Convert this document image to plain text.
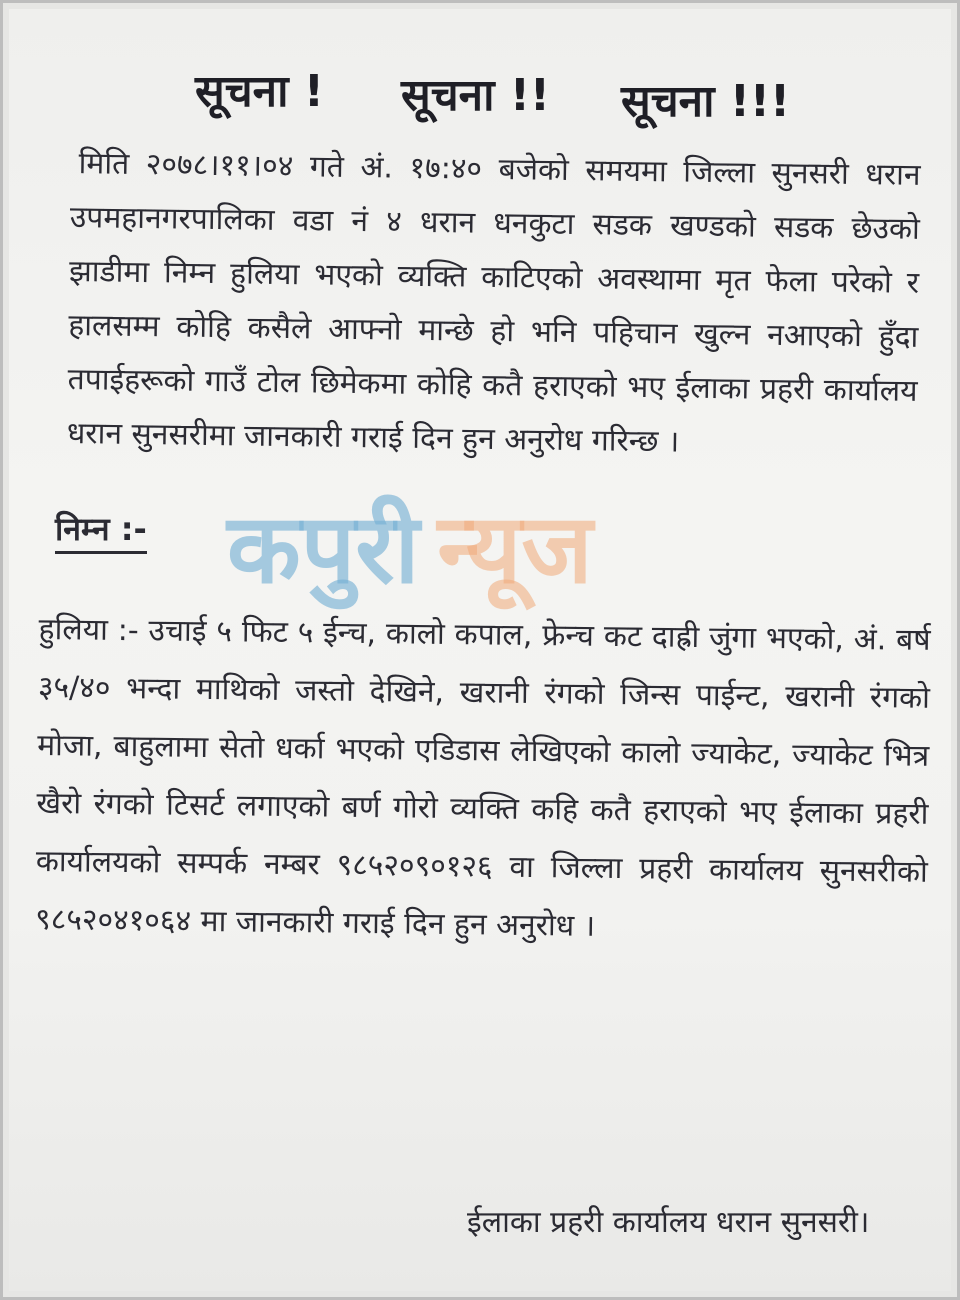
सूचना ! सूचना !! सूचना !!!
मिति २०७८।११।०४ गते अं. १७:४० बजेको समयमा जिल्ला सुनसरी धरान उपमहानगरपालिका वडा नं ४ धरान धनकुटा सडक खण्डको सडक छेउको झाडीमा निम्न हुलिया भएको व्यक्ति काटिएको अवस्थामा मृत फेला परेको र हालसम्म कोहि कसैले आफ्नो मान्छे हो भनि पहिचान खुल्न नआएको हुँदा तपाईहरूको गाउँ टोल छिमेकमा कोहि कतै हराएको भए ईलाका प्रहरी कार्यालय धरान सुनसरीमा जानकारी गराई दिन हुन अनुरोध गरिन्छ ।
निम्न :- कपुरी न्यूज
हुलिया :- उचाई ५ फिट ५ ईन्च, कालो कपाल, फ्रेन्च कट दाह्री जुंगा भएको, अं. बर्ष ३५/४० भन्दा माथिको जस्तो देखिने, खरानी रंगको जिन्स पाईन्ट, खरानी रंगको मोजा, बाहुलामा सेतो धर्का भएको एडिडास लेखिएको कालो ज्याकेट, ज्याकेट भित्र खैरो रंगको टिसर्ट लगाएको बर्ण गोरो व्यक्ति कहि कतै हराएको भए ईलाका प्रहरी कार्यालयको सम्पर्क नम्बर ९८५२०९०१२६ वा जिल्ला प्रहरी कार्यालय सुनसरीको ९८५२०४१०६४ मा जानकारी गराई दिन हुन अनुरोध ।
ईलाका प्रहरी कार्यालय धरान सुनसरी।
